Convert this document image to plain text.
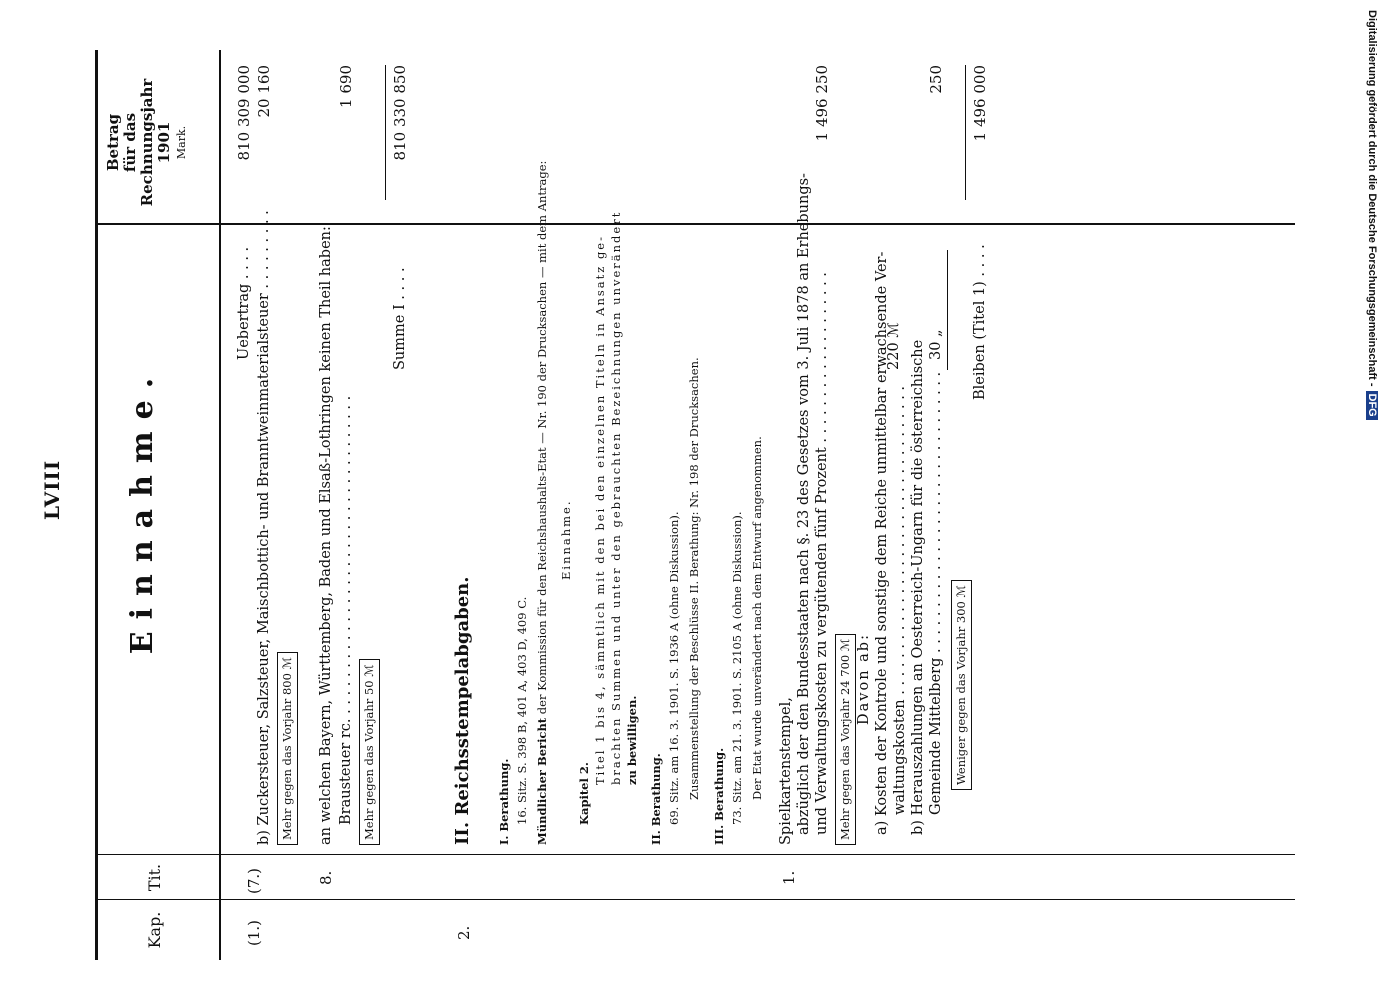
LVIII
Digitalisierung gefördert durch die Deutsche Forschungsgemeinschaft -DFG
Kap.
Tit.
Einnahme.
Betrag für das Rechnungsjahr 1901 Mark.
Uebertrag . . . .
810 309 000
(1.)
(7.)
b) Zuckersteuer, Salzsteuer, Maischbottich- und Branntweinmaterialsteuer . . . . . . . . .
20 160
Mehr gegen das Vorjahr 800 ℳ
8.
an welchen Bayern, Württemberg, Baden und Elsaß-Lothringen keinen Theil haben: Brausteuer rc. . . . . . . . . . . . . . . . . . . . . . . . . . . . . . . . . . . .
1 690
Mehr gegen das Vorjahr 50 ℳ
Summe I . . . .
810 330 850
2.
II. Reichsstempelabgaben. I. Berathung. 16. Sitz. S. 398 B, 401 A, 403 D, 409 C. Mündlicher Bericht der Kommission für den Reichshaushalts-Etat — Nr. 190 der Drucksachen — mit dem Antrage: Einnahme.
Kapitel 2.
Titel 1 bis 4, sämmtlich mit den bei den einzelnen Titeln in Ansatz ge- brachten Summen und unter den gebrauchten Bezeichnungen unverändert zu bewilligen.
II. Berathung. 69. Sitz. am 16. 3. 1901. S. 1936 A (ohne Diskussion). Zusammenstellung der Beschlüsse II. Berathung: Nr. 198 der Drucksachen. III. Berathung. 73. Sitz. am 21. 3. 1901. S. 2105 A (ohne Diskussion). Der Etat wurde unverändert nach dem Entwurf angenommen.
1.
Spielkartenstempel, abzüglich der den Bundesstaaten nach §. 23 des Gesetzes vom 3. Juli 1878 an Erhebungs- und Verwaltungskosten zu vergütenden fünf Prozent . . . . . . . . . . . . . . . . . . .
1 496 250
Mehr gegen das Vorjahr 24 700 ℳ Davon ab: a) Kosten der Kontrole und sonstige dem Reiche unmittelbar erwachsende Ver- waltungskosten . . . . . . . . . . . . . . . . . . . . . . . . . . . . . . . . . .
220 ℳ b) Herauszahlungen an Oesterreich-Ungarn für die österreichische Gemeinde Mittelberg . . . . . . . . . . . . . . . . . . . . . . . . . . . . . . .
30 „
250
Weniger gegen das Vorjahr 300 ℳ
Bleiben (Titel 1) . . . .
1 496 000
